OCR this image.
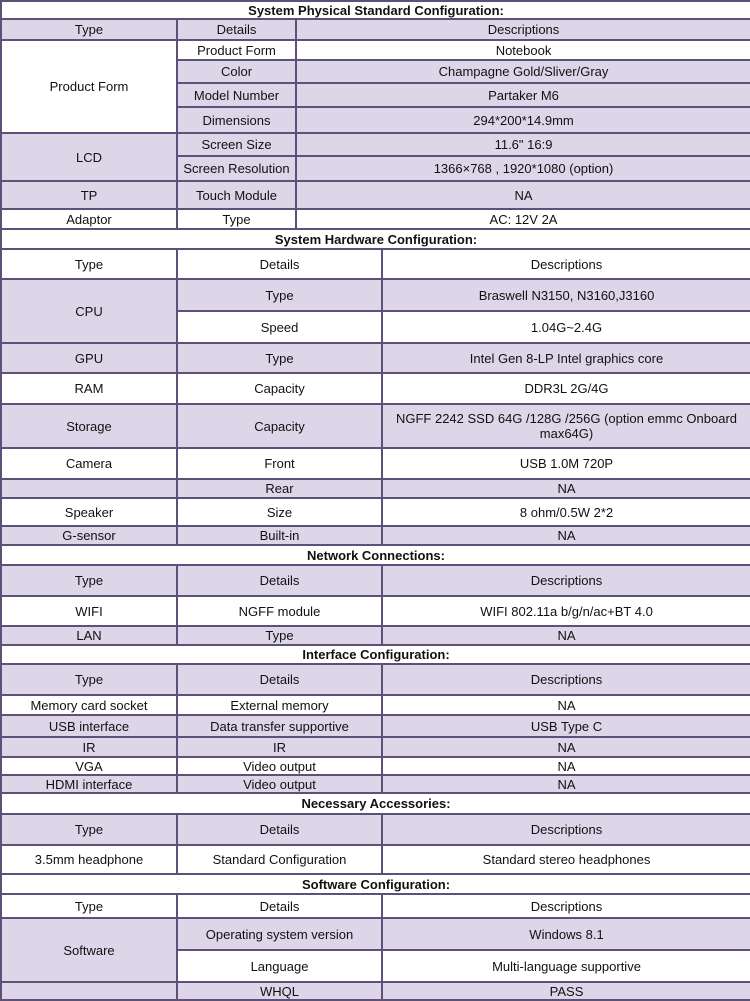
System Physical Standard Configuration:		
Type	Details	Descriptions
Product Form	Product Form	Notebook
	Color	Champagne Gold/Sliver/Gray
	Model Number	Partaker M6
	Dimensions	294*200*14.9mm
LCD	Screen Size	11.6" 16:9
	Screen Resolution	1366×768 , 1920*1080 (option)
TP	Touch Module	NA
Adaptor	Type	AC: 12V 2A
System Hardware Configuration:		
Type	Details	Descriptions
CPU	Type	Braswell N3150, N3160,J3160
	Speed	1.04G~2.4G
GPU	Type	Intel Gen 8-LP Intel graphics core
RAM	Capacity	DDR3L 2G/4G
Storage	Capacity	NGFF 2242 SSD 64G /128G /256G (option emmc Onboard max64G)
Camera	Front	USB 1.0M 720P
	Rear	NA
Speaker	Size	8 ohm/0.5W 2*2
G-sensor	Built-in	NA
Network Connections:		
Type	Details	Descriptions
WIFI	NGFF module	WIFI 802.11a b/g/n/ac+BT 4.0
LAN	Type	NA
Interface Configuration:		
Type	Details	Descriptions
Memory card socket	External memory	NA
USB interface	Data transfer supportive	USB Type C
IR	IR	NA
VGA	Video output	NA
HDMI interface	Video output	NA
Necessary Accessories:		
Type	Details	Descriptions
3.5mm headphone	Standard Configuration	Standard stereo headphones
Software Configuration:		
Type	Details	Descriptions
Software	Operating system version	Windows 8.1
	Language	Multi-language supportive
	WHQL	PASS
